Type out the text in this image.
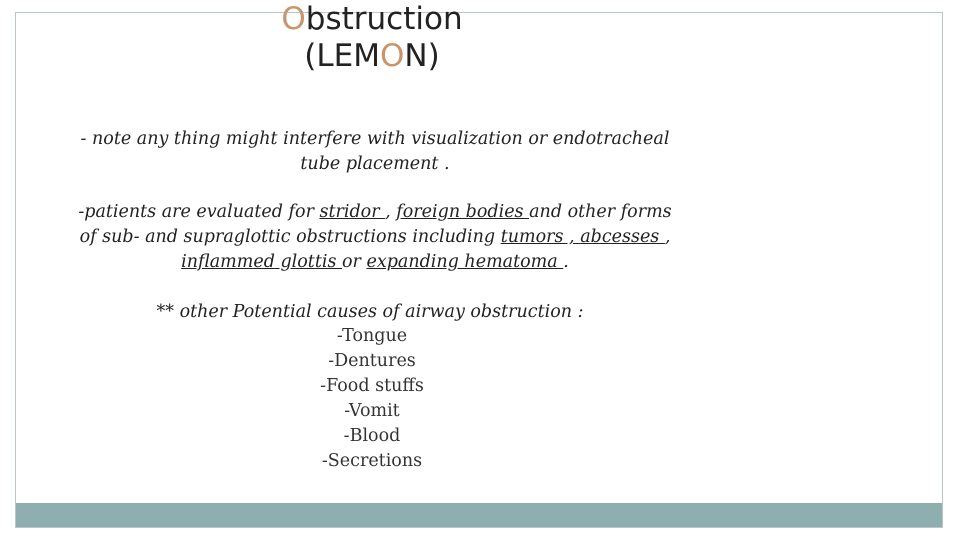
Obstruction
(LEMON)
- note any thing might interfere with visualization or endotracheal
tube placement .
-patients are evaluated for stridor , foreign bodies and other forms
of sub- and supraglottic obstructions including tumors , abcesses ,
inflammed glottis or expanding hematoma .
** other Potential causes of airway obstruction :
-Tongue
-Dentures
-Food stuffs
-Vomit
-Blood
-Secretions
